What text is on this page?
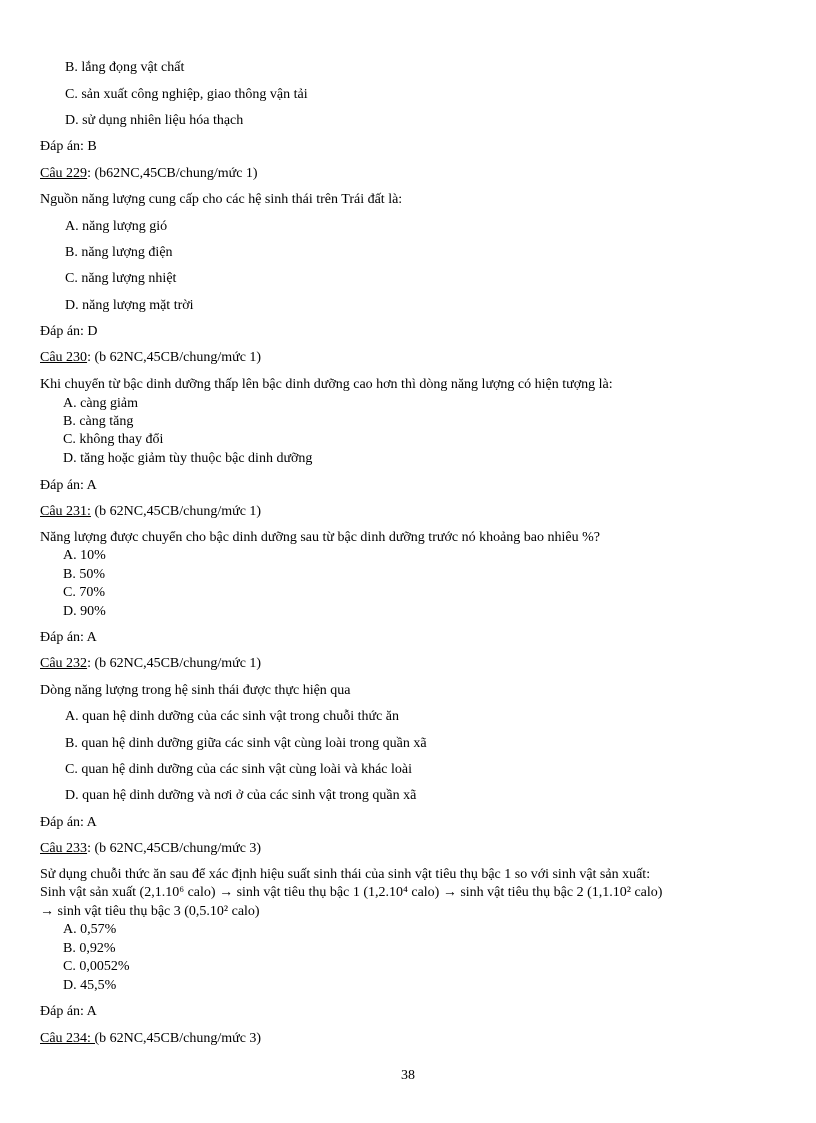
B. lắng đọng vật chất
C. sản xuất công nghiệp, giao thông vận tải
D. sử dụng nhiên liệu hóa thạch
Đáp án: B
Câu 229: (b62NC,45CB/chung/mức 1)
Nguồn năng lượng cung cấp cho các hệ sinh thái trên Trái đất là:
A. năng lượng gió
B. năng lượng điện
C. năng lượng nhiệt
D. năng lượng mặt trời
Đáp án: D
Câu 230: (b 62NC,45CB/chung/mức 1)
Khi chuyển từ bậc dinh dưỡng thấp lên bậc dinh dưỡng cao hơn thì dòng năng lượng có hiện tượng là:
A. càng giảm
B. càng tăng
C. không thay đổi
D. tăng hoặc giảm tùy thuộc bậc dinh dưỡng
Đáp án: A
Câu 231: (b 62NC,45CB/chung/mức 1)
Năng lượng được chuyển cho bậc dinh dưỡng sau từ bậc dinh dưỡng trước nó khoảng bao nhiêu %?
A. 10%
B. 50%
C. 70%
D. 90%
Đáp án: A
Câu 232: (b 62NC,45CB/chung/mức 1)
Dòng năng lượng trong hệ sinh thái được thực hiện qua
A. quan hệ dinh dưỡng của các sinh vật trong chuỗi thức ăn
B. quan hệ dinh dưỡng giữa các sinh vật cùng loài trong quần xã
C. quan hệ dinh dưỡng của các sinh vật cùng loài và khác loài
D. quan hệ dinh dưỡng và nơi ở của các sinh vật trong quần xã
Đáp án: A
Câu 233: (b 62NC,45CB/chung/mức 3)
Sử dụng chuỗi thức ăn sau để xác định hiệu suất sinh thái của sinh vật tiêu thụ bậc 1 so với sinh vật sản xuất:
Sinh vật sản xuất (2,1.10⁶ calo) → sinh vật tiêu thụ bậc 1 (1,2.10⁴ calo) → sinh vật tiêu thụ bậc 2 (1,1.10² calo)
→ sinh vật tiêu thụ bậc 3 (0,5.10² calo)
A. 0,57%
B. 0,92%
C. 0,0052%
D. 45,5%
Đáp án: A
Câu 234: (b 62NC,45CB/chung/mức 3)
38
